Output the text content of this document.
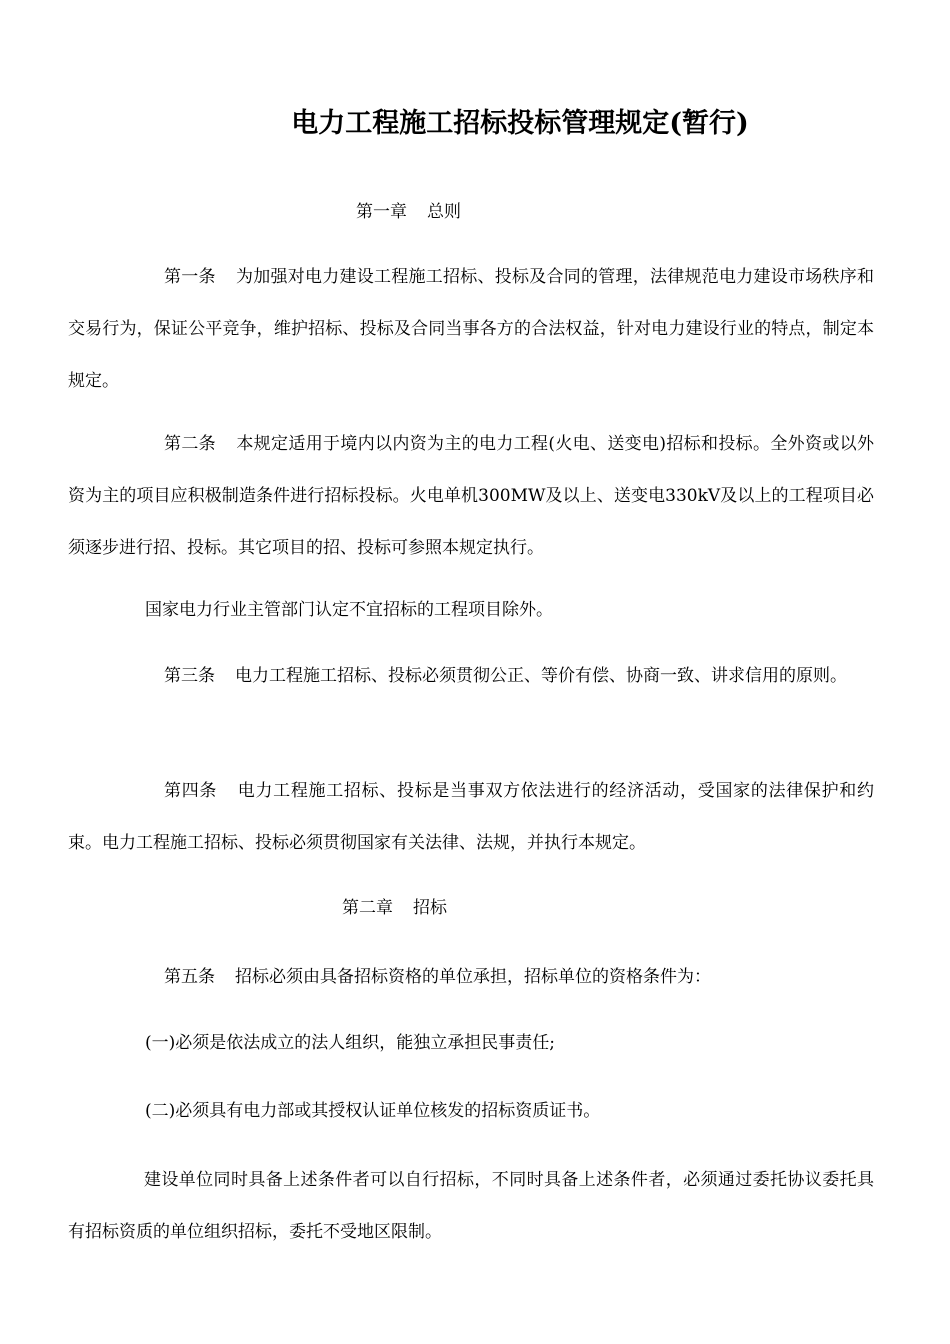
电力工程施工招标投标管理规定(暂行)
第一章 总则
第一条 为加强对电力建设工程施工招标、投标及合同的管理，法律规范电力建设市场秩序和交易行为，保证公平竞争，维护招标、投标及合同当事各方的合法权益，针对电力建设行业的特点，制定本规定。
第二条 本规定适用于境内以内资为主的电力工程(火电、送变电)招标和投标。全外资或以外资为主的项目应积极制造条件进行招标投标。火电单机300MW及以上、送变电330kV及以上的工程项目必须逐步进行招、投标。其它项目的招、投标可参照本规定执行。
国家电力行业主管部门认定不宜招标的工程项目除外。
第三条 电力工程施工招标、投标必须贯彻公正、等价有偿、协商一致、讲求信用的原则。
第四条 电力工程施工招标、投标是当事双方依法进行的经济活动，受国家的法律保护和约束。电力工程施工招标、投标必须贯彻国家有关法律、法规，并执行本规定。
第二章 招标
第五条 招标必须由具备招标资格的单位承担，招标单位的资格条件为：
(一)必须是依法成立的法人组织，能独立承担民事责任;
(二)必须具有电力部或其授权认证单位核发的招标资质证书。
建设单位同时具备上述条件者可以自行招标，不同时具备上述条件者，必须通过委托协议委托具有招标资质的单位组织招标，委托不受地区限制。
